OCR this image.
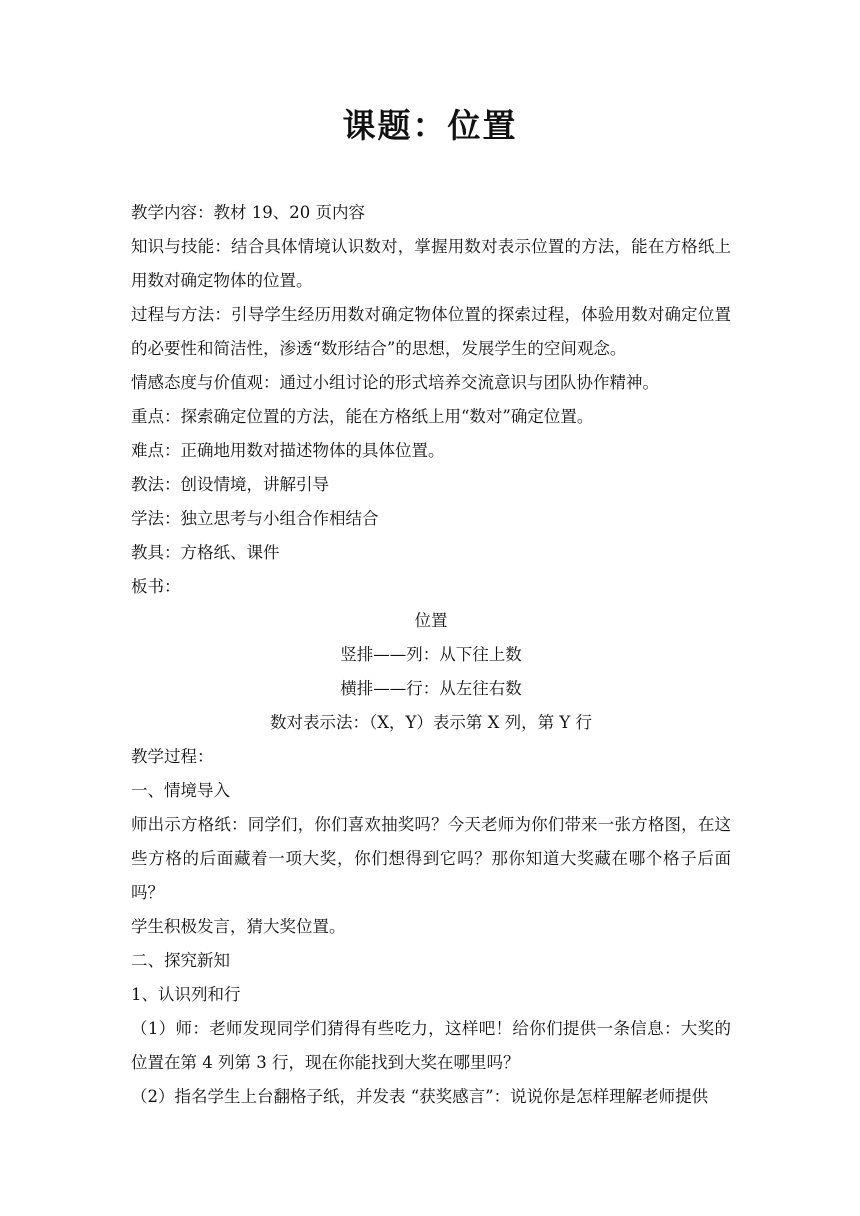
课题：位置

教学内容：教材 19、20 页内容

知识与技能：结合具体情境认识数对，掌握用数对表示位置的方法，能在方格纸上用数对确定物体的位置。

过程与方法：引导学生经历用数对确定物体位置的探索过程，体验用数对确定位置的必要性和简洁性，渗透“数形结合”的思想，发展学生的空间观念。

情感态度与价值观：通过小组讨论的形式培养交流意识与团队协作精神。

重点：探索确定位置的方法，能在方格纸上用“数对”确定位置。

难点：正确地用数对描述物体的具体位置。

教法：创设情境，讲解引导

学法：独立思考与小组合作相结合

教具：方格纸、课件

板书：

位置

竖排——列：从下往上数

横排——行：从左往右数

数对表示法：（X，Y）表示第 X 列，第 Y 行

教学过程：

一、情境导入

师出示方格纸：同学们，你们喜欢抽奖吗？今天老师为你们带来一张方格图，在这些方格的后面藏着一项大奖，你们想得到它吗？那你知道大奖藏在哪个格子后面吗？

学生积极发言，猜大奖位置。

二、探究新知

1、认识列和行

（1）师：老师发现同学们猜得有些吃力，这样吧！给你们提供一条信息：大奖的位置在第 4 列第 3 行，现在你能找到大奖在哪里吗？

（2）指名学生上台翻格子纸，并发表 “获奖感言”：说说你是怎样理解老师提供
